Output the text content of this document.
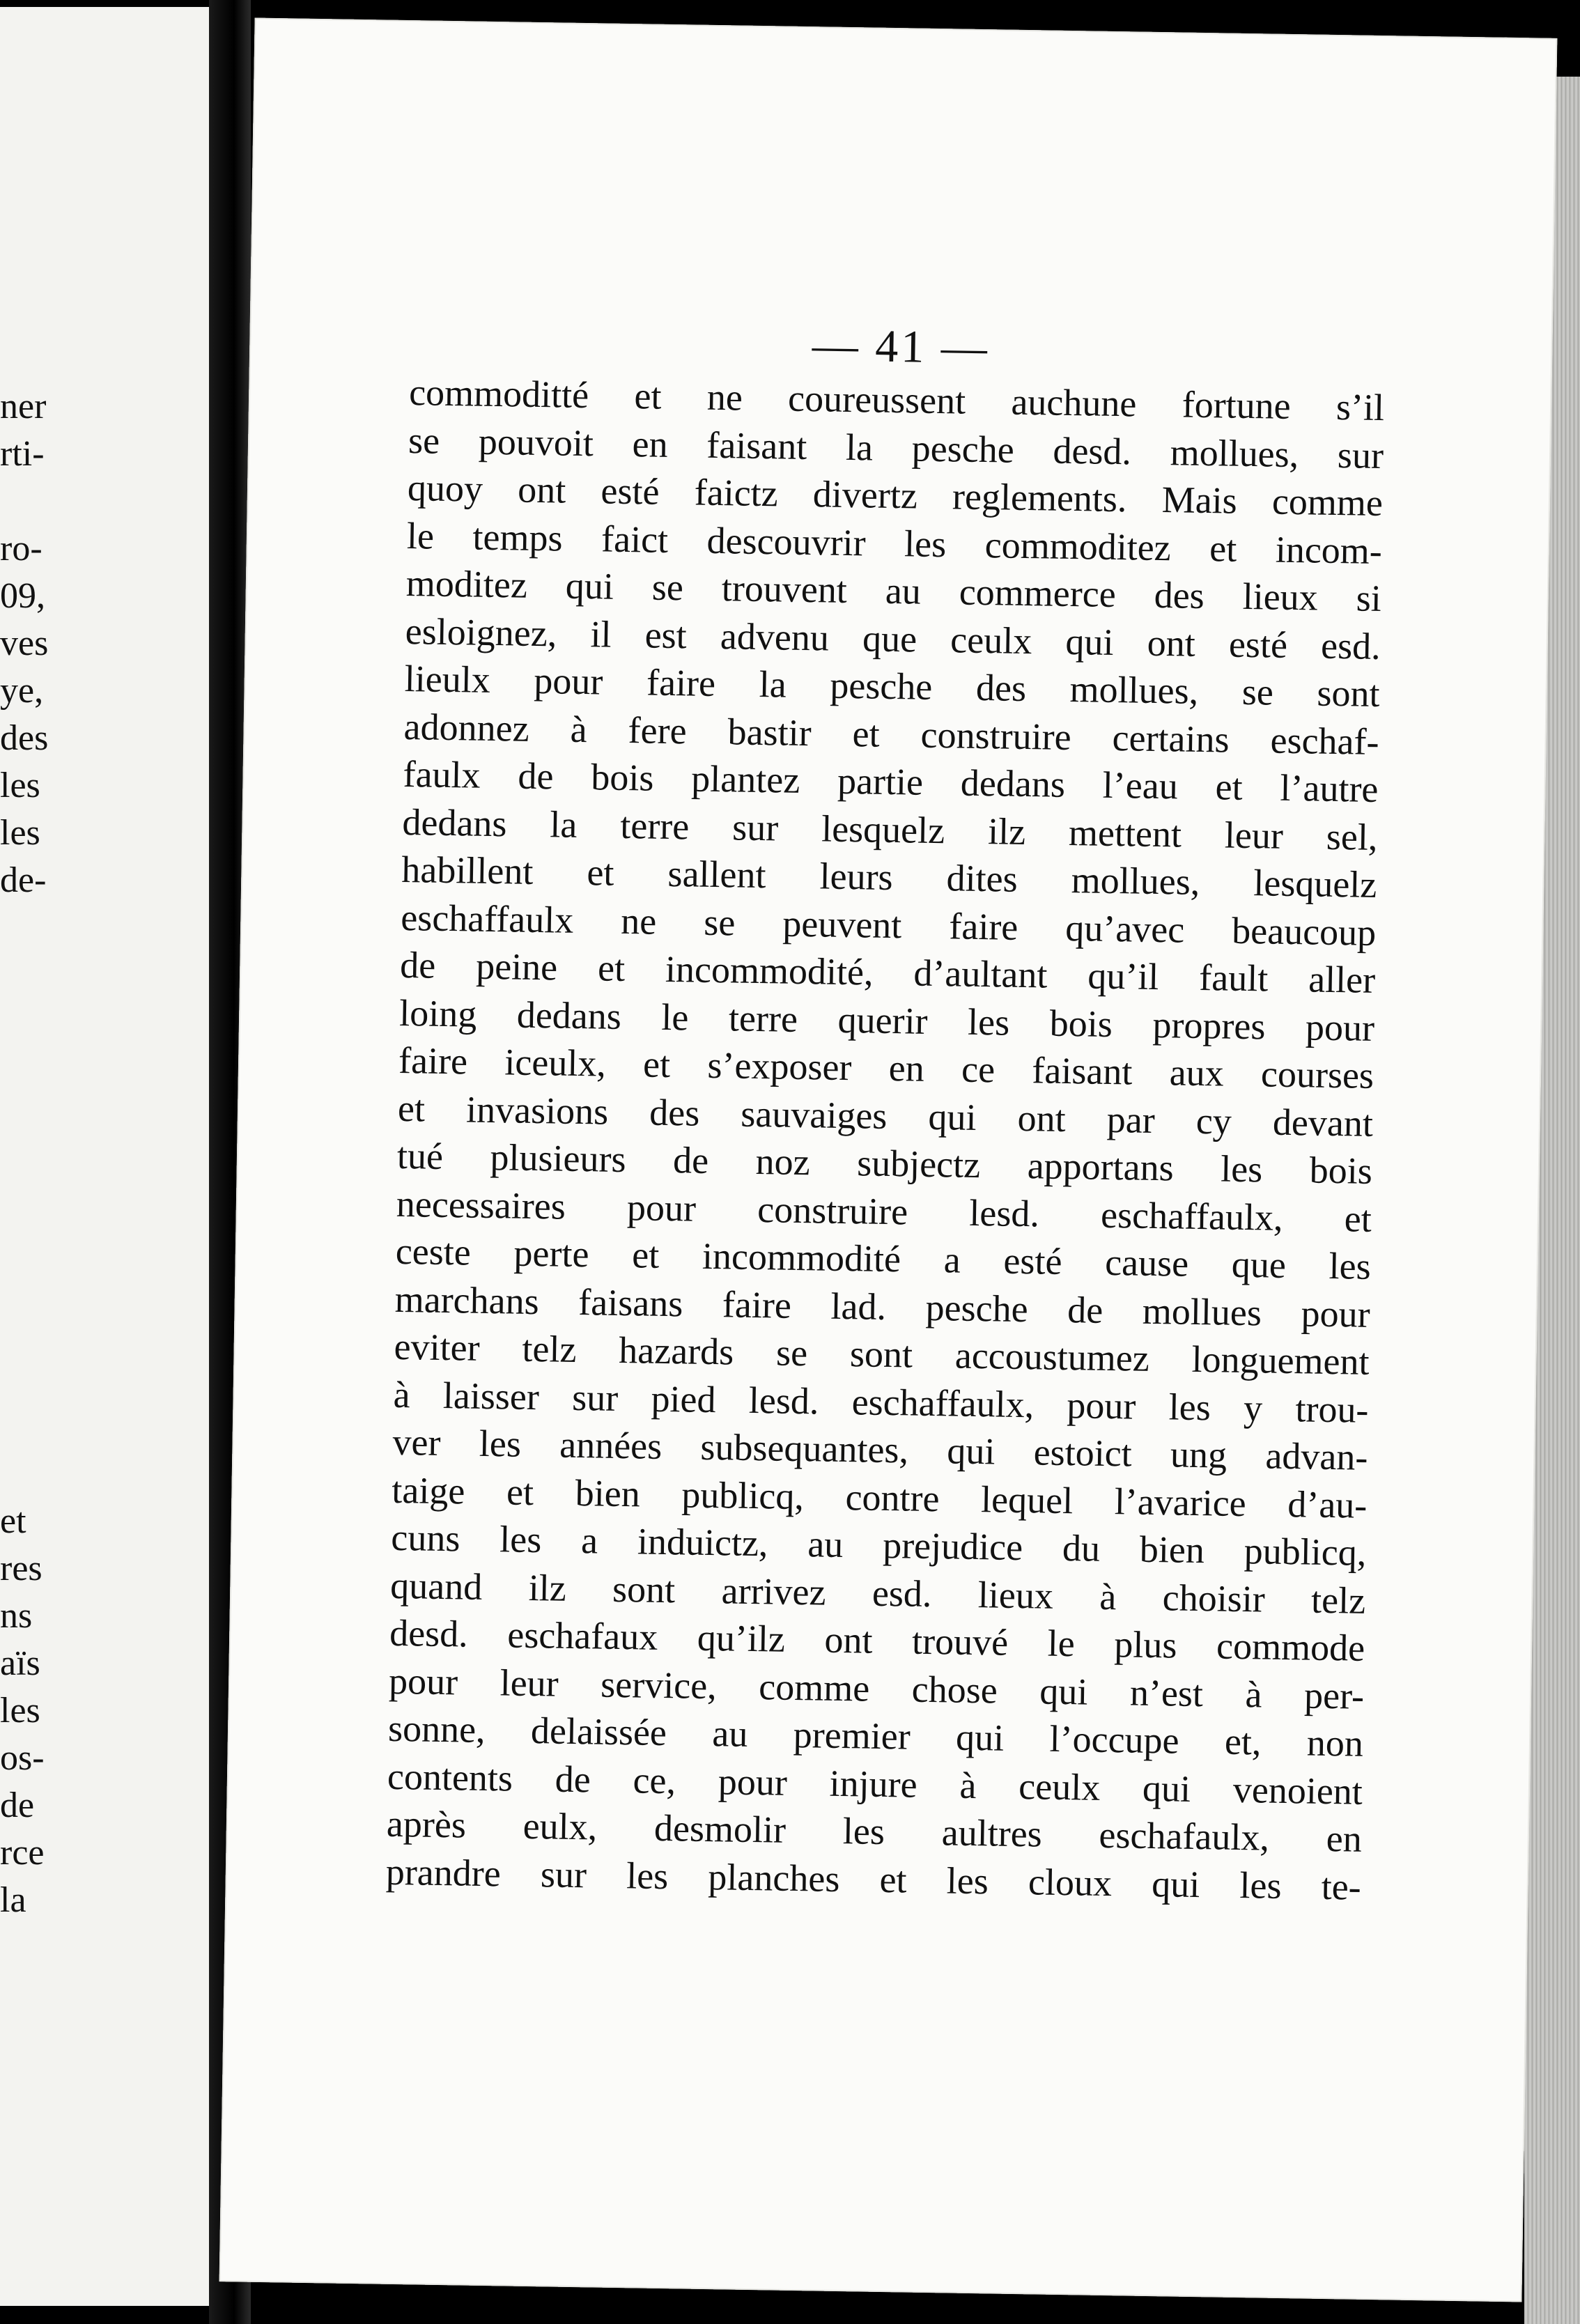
ner
rti-
ro-
09,
ves
ye,
des
les
les
de-
et
res
ns
aïs
les
os-
de
rce
la
— 41 —
commoditté et ne coureussent auchune fortune s’il
se pouvoit en faisant la pesche desd. mollues, sur
quoy ont esté faictz divertz reglements. Mais comme
le temps faict descouvrir les commoditez et incom-
moditez qui se trouvent au commerce des lieux si
esloignez, il est advenu que ceulx qui ont esté esd.
lieulx pour faire la pesche des mollues, se sont
adonnez à fere bastir et construire certains eschaf-
faulx de bois plantez partie dedans l’eau et l’autre
dedans la terre sur lesquelz ilz mettent leur sel,
habillent et sallent leurs dites mollues, lesquelz
eschaffaulx ne se peuvent faire qu’avec beaucoup
de peine et incommodité, d’aultant qu’il fault aller
loing dedans le terre querir les bois propres pour
faire iceulx, et s’exposer en ce faisant aux courses
et invasions des sauvaiges qui ont par cy devant
tué plusieurs de noz subjectz apportans les bois
necessaires pour construire lesd. eschaffaulx, et
ceste perte et incommodité a esté cause que les
marchans faisans faire lad. pesche de mollues pour
eviter telz hazards se sont accoustumez longuement
à laisser sur pied lesd. eschaffaulx, pour les y trou-
ver les années subsequantes, qui estoict ung advan-
taige et bien publicq, contre lequel l’avarice d’au-
cuns les a induictz, au prejudice du bien publicq,
quand ilz sont arrivez esd. lieux à choisir telz
desd. eschafaux qu’ilz ont trouvé le plus commode
pour leur service, comme chose qui n’est à per-
sonne, delaissée au premier qui l’occupe et, non
contents de ce, pour injure à ceulx qui venoient
après eulx, desmolir les aultres eschafaulx, en
prandre sur les planches et les cloux qui les te-
